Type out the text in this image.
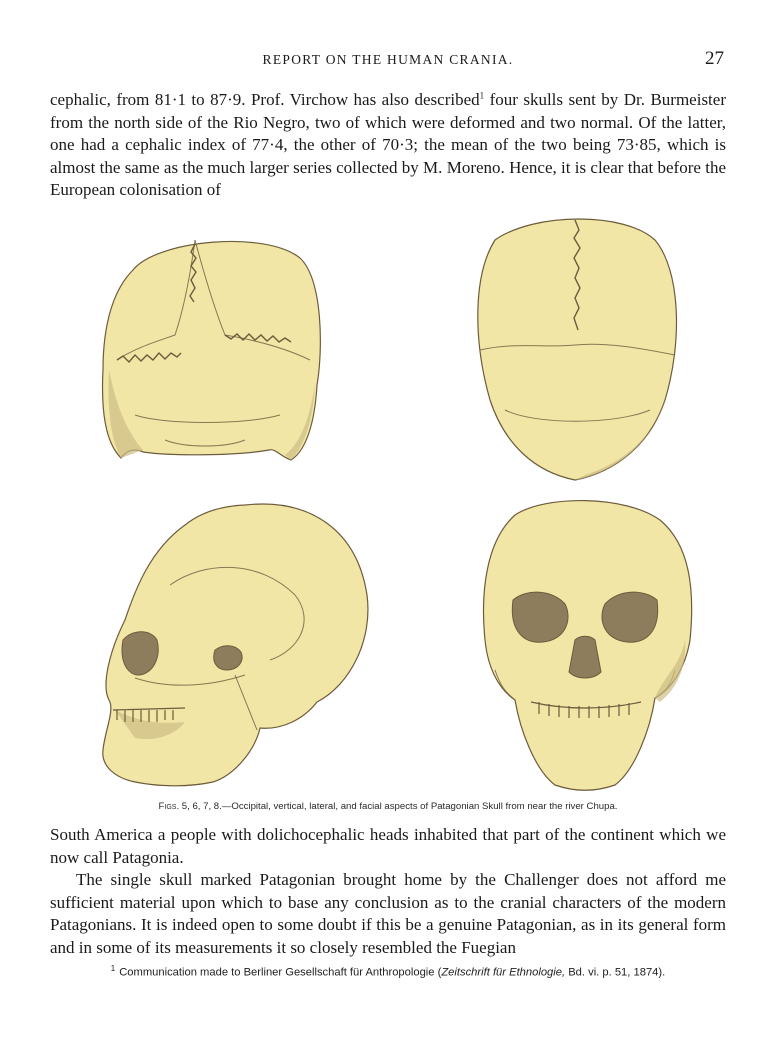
REPORT ON THE HUMAN CRANIA.	27

cephalic, from 81·1 to 87·9. Prof. Virchow has also described$^1$ four skulls sent by Dr. Burmeister from the north side of the Rio Negro, two of which were deformed and two normal. Of the latter, one had a cephalic index of 77·4, the other of 70·3; the mean of the two being 73·85, which is almost the same as the much larger series collected by M. Moreno. Hence, it is clear that before the European colonisation of

Figs. 5, 6, 7, 8.—Occipital, vertical, lateral, and facial aspects of Patagonian Skull from near the river Chupa.

South America a people with dolichocephalic heads inhabited that part of the continent which we now call Patagonia.

The single skull marked Patagonian brought home by the Challenger does not afford me sufficient material upon which to base any conclusion as to the cranial characters of the modern Patagonians. It is indeed open to some doubt if this be a genuine Patagonian, as in its general form and in some of its measurements it so closely resembled the Fuegian

$^1$ Communication made to Berliner Gesellschaft für Anthropologie (Zeitschrift für Ethnologie, Bd. vi. p. 51, 1874).
